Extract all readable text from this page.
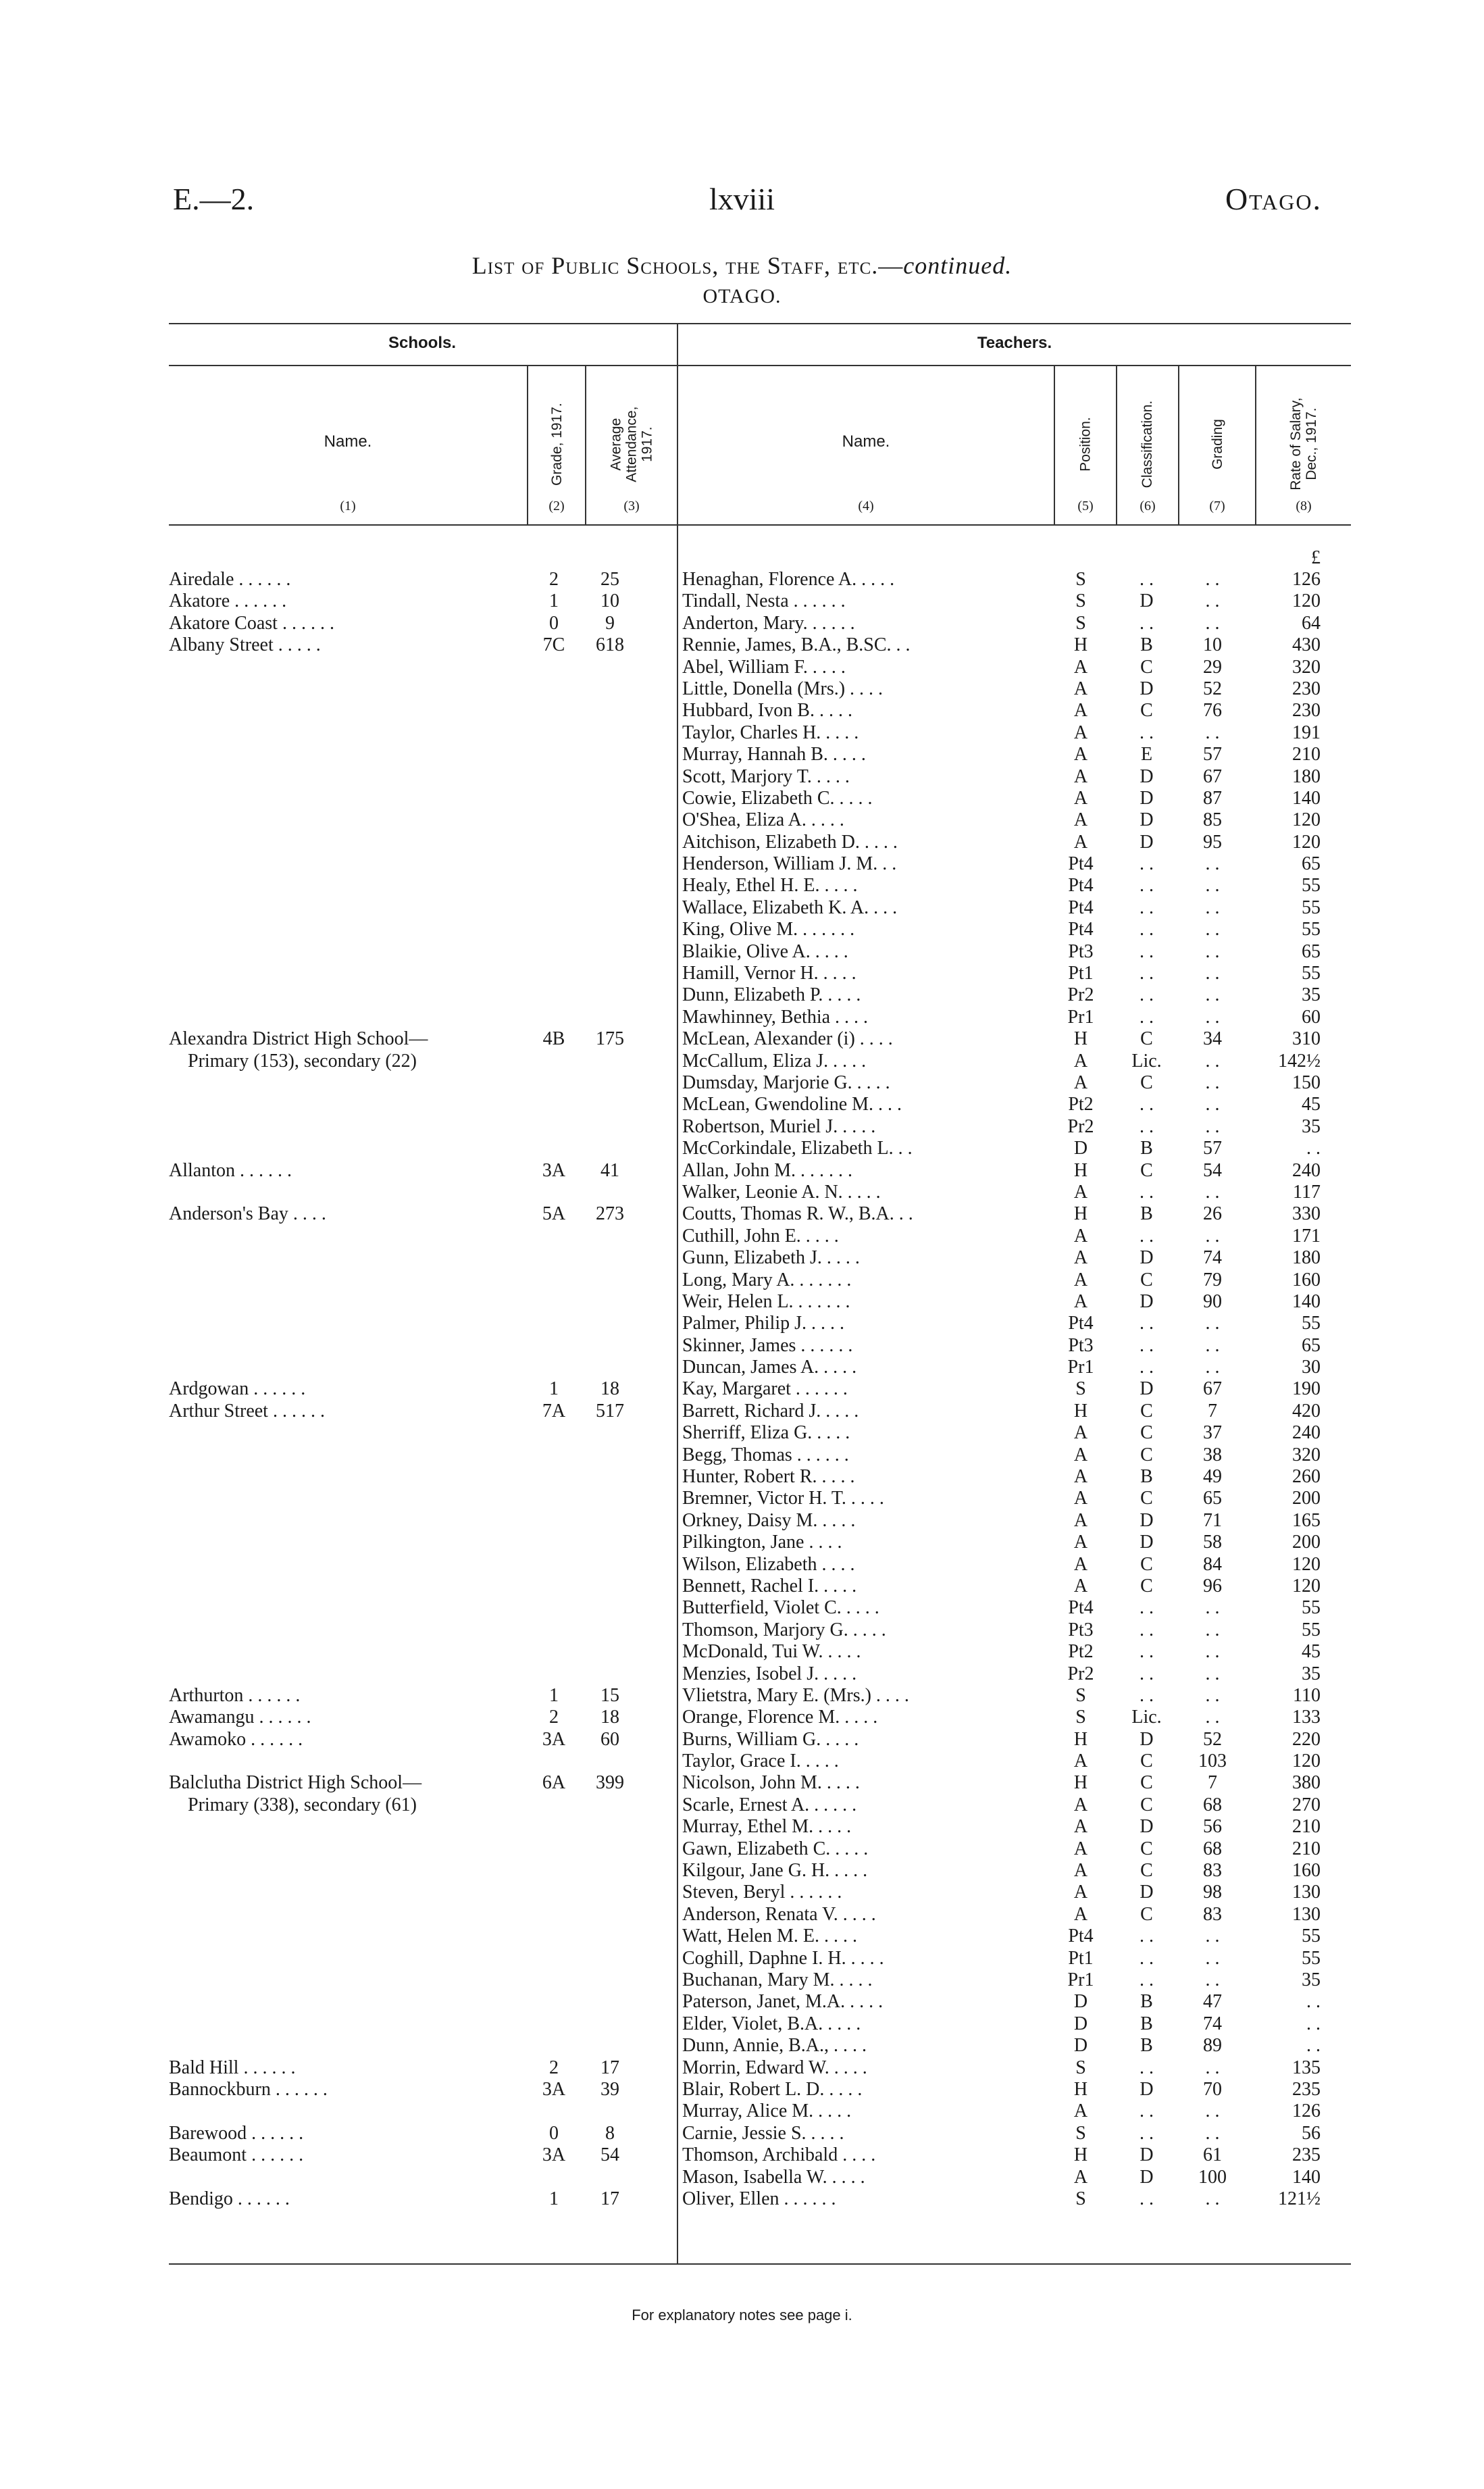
E.—2.	lxviii	Otago.
List of Public Schools, the Staff, etc.—continued.
OTAGO.
Schools.	Teachers.
Name.	Grade, 1917.	Average Attendance, 1917.	Name.	Position.	Classification.	Grading	Rate of Salary, Dec., 1917.
(1)	(2)	(3)	(4)	(5)	(6)	(7)	(8)
£
Airedale . . . . . .	2	25	Henaghan, Florence A. . . . .	S	. .	. .	126
Akatore . . . . . .	1	10	Tindall, Nesta . . . . . .	S	D	. .	120
Akatore Coast . . . . . .	0	9	Anderton, Mary. . . . . .	S	. .	. .	64
Albany Street . . . . .	7C	618	Rennie, James, B.A., B.SC. . .	H	B	10	430
Abel, William F. . . . .	A	C	29	320
Little, Donella (Mrs.) . . . .	A	D	52	230
Hubbard, Ivon B. . . . .	A	C	76	230
Taylor, Charles H. . . . .	A	. .	. .	191
Murray, Hannah B. . . . .	A	E	57	210
Scott, Marjory T. . . . .	A	D	67	180
Cowie, Elizabeth C. . . . .	A	D	87	140
O'Shea, Eliza A. . . . .	A	D	85	120
Aitchison, Elizabeth D. . . . .	A	D	95	120
Henderson, William J. M. . .	Pt4	. .	. .	65
Healy, Ethel H. E. . . . .	Pt4	. .	. .	55
Wallace, Elizabeth K. A. . . .	Pt4	. .	. .	55
King, Olive M. . . . . . .	Pt4	. .	. .	55
Blaikie, Olive A. . . . .	Pt3	. .	. .	65
Hamill, Vernor H. . . . .	Pt1	. .	. .	55
Dunn, Elizabeth P. . . . .	Pr2	. .	. .	35
Mawhinney, Bethia . . . .	Pr1	. .	. .	60
Alexandra District High School—	4B	175	McLean, Alexander (i) . . . .	H	C	34	310
Primary (153), secondary (22)	McCallum, Eliza J. . . . .	A	Lic.	. .	142½
Dumsday, Marjorie G. . . . .	A	C	. .	150
McLean, Gwendoline M. . . .	Pt2	. .	. .	45
Robertson, Muriel J. . . . .	Pr2	. .	. .	35
McCorkindale, Elizabeth L. . .	D	B	57	. .
Allanton . . . . . .	3A	41	Allan, John M. . . . . . .	H	C	54	240
Walker, Leonie A. N. . . . .	A	. .	. .	117
Anderson's Bay . . . .	5A	273	Coutts, Thomas R. W., B.A. . .	H	B	26	330
Cuthill, John E. . . . .	A	. .	. .	171
Gunn, Elizabeth J. . . . .	A	D	74	180
Long, Mary A. . . . . . .	A	C	79	160
Weir, Helen L. . . . . . .	A	D	90	140
Palmer, Philip J. . . . .	Pt4	. .	. .	55
Skinner, James . . . . . .	Pt3	. .	. .	65
Duncan, James A. . . . .	Pr1	. .	. .	30
Ardgowan . . . . . .	1	18	Kay, Margaret . . . . . .	S	D	67	190
Arthur Street . . . . . .	7A	517	Barrett, Richard J. . . . .	H	C	7	420
Sherriff, Eliza G. . . . .	A	C	37	240
Begg, Thomas . . . . . .	A	C	38	320
Hunter, Robert R. . . . .	A	B	49	260
Bremner, Victor H. T. . . . .	A	C	65	200
Orkney, Daisy M. . . . .	A	D	71	165
Pilkington, Jane . . . .	A	D	58	200
Wilson, Elizabeth . . . .	A	C	84	120
Bennett, Rachel I. . . . .	A	C	96	120
Butterfield, Violet C. . . . .	Pt4	. .	. .	55
Thomson, Marjory G. . . . .	Pt3	. .	. .	55
McDonald, Tui W. . . . .	Pt2	. .	. .	45
Menzies, Isobel J. . . . .	Pr2	. .	. .	35
Arthurton . . . . . .	1	15	Vlietstra, Mary E. (Mrs.) . . . .	S	. .	. .	110
Awamangu . . . . . .	2	18	Orange, Florence M. . . . .	S	Lic.	. .	133
Awamoko . . . . . .	3A	60	Burns, William G. . . . .	H	D	52	220
Taylor, Grace I. . . . .	A	C	103	120
Balclutha District High School—	6A	399	Nicolson, John M. . . . .	H	C	7	380
Primary (338), secondary (61)	Scarle, Ernest A. . . . . .	A	C	68	270
Murray, Ethel M. . . . .	A	D	56	210
Gawn, Elizabeth C. . . . .	A	C	68	210
Kilgour, Jane G. H. . . . .	A	C	83	160
Steven, Beryl . . . . . .	A	D	98	130
Anderson, Renata V. . . . .	A	C	83	130
Watt, Helen M. E. . . . .	Pt4	. .	. .	55
Coghill, Daphne I. H. . . . .	Pt1	. .	. .	55
Buchanan, Mary M. . . . .	Pr1	. .	. .	35
Paterson, Janet, M.A. . . . .	D	B	47	. .
Elder, Violet, B.A. . . . .	D	B	74	. .
Dunn, Annie, B.A., . . . .	D	B	89	. .
Bald Hill . . . . . .	2	17	Morrin, Edward W. . . . .	S	. .	. .	135
Bannockburn . . . . . .	3A	39	Blair, Robert L. D. . . . .	H	D	70	235
Murray, Alice M. . . . .	A	. .	. .	126
Barewood . . . . . .	0	8	Carnie, Jessie S. . . . .	S	. .	. .	56
Beaumont . . . . . .	3A	54	Thomson, Archibald . . . .	H	D	61	235
Mason, Isabella W. . . . .	A	D	100	140
Bendigo . . . . . .	1	17	Oliver, Ellen . . . . . .	S	. .	. .	121½
For explanatory notes see page i.
